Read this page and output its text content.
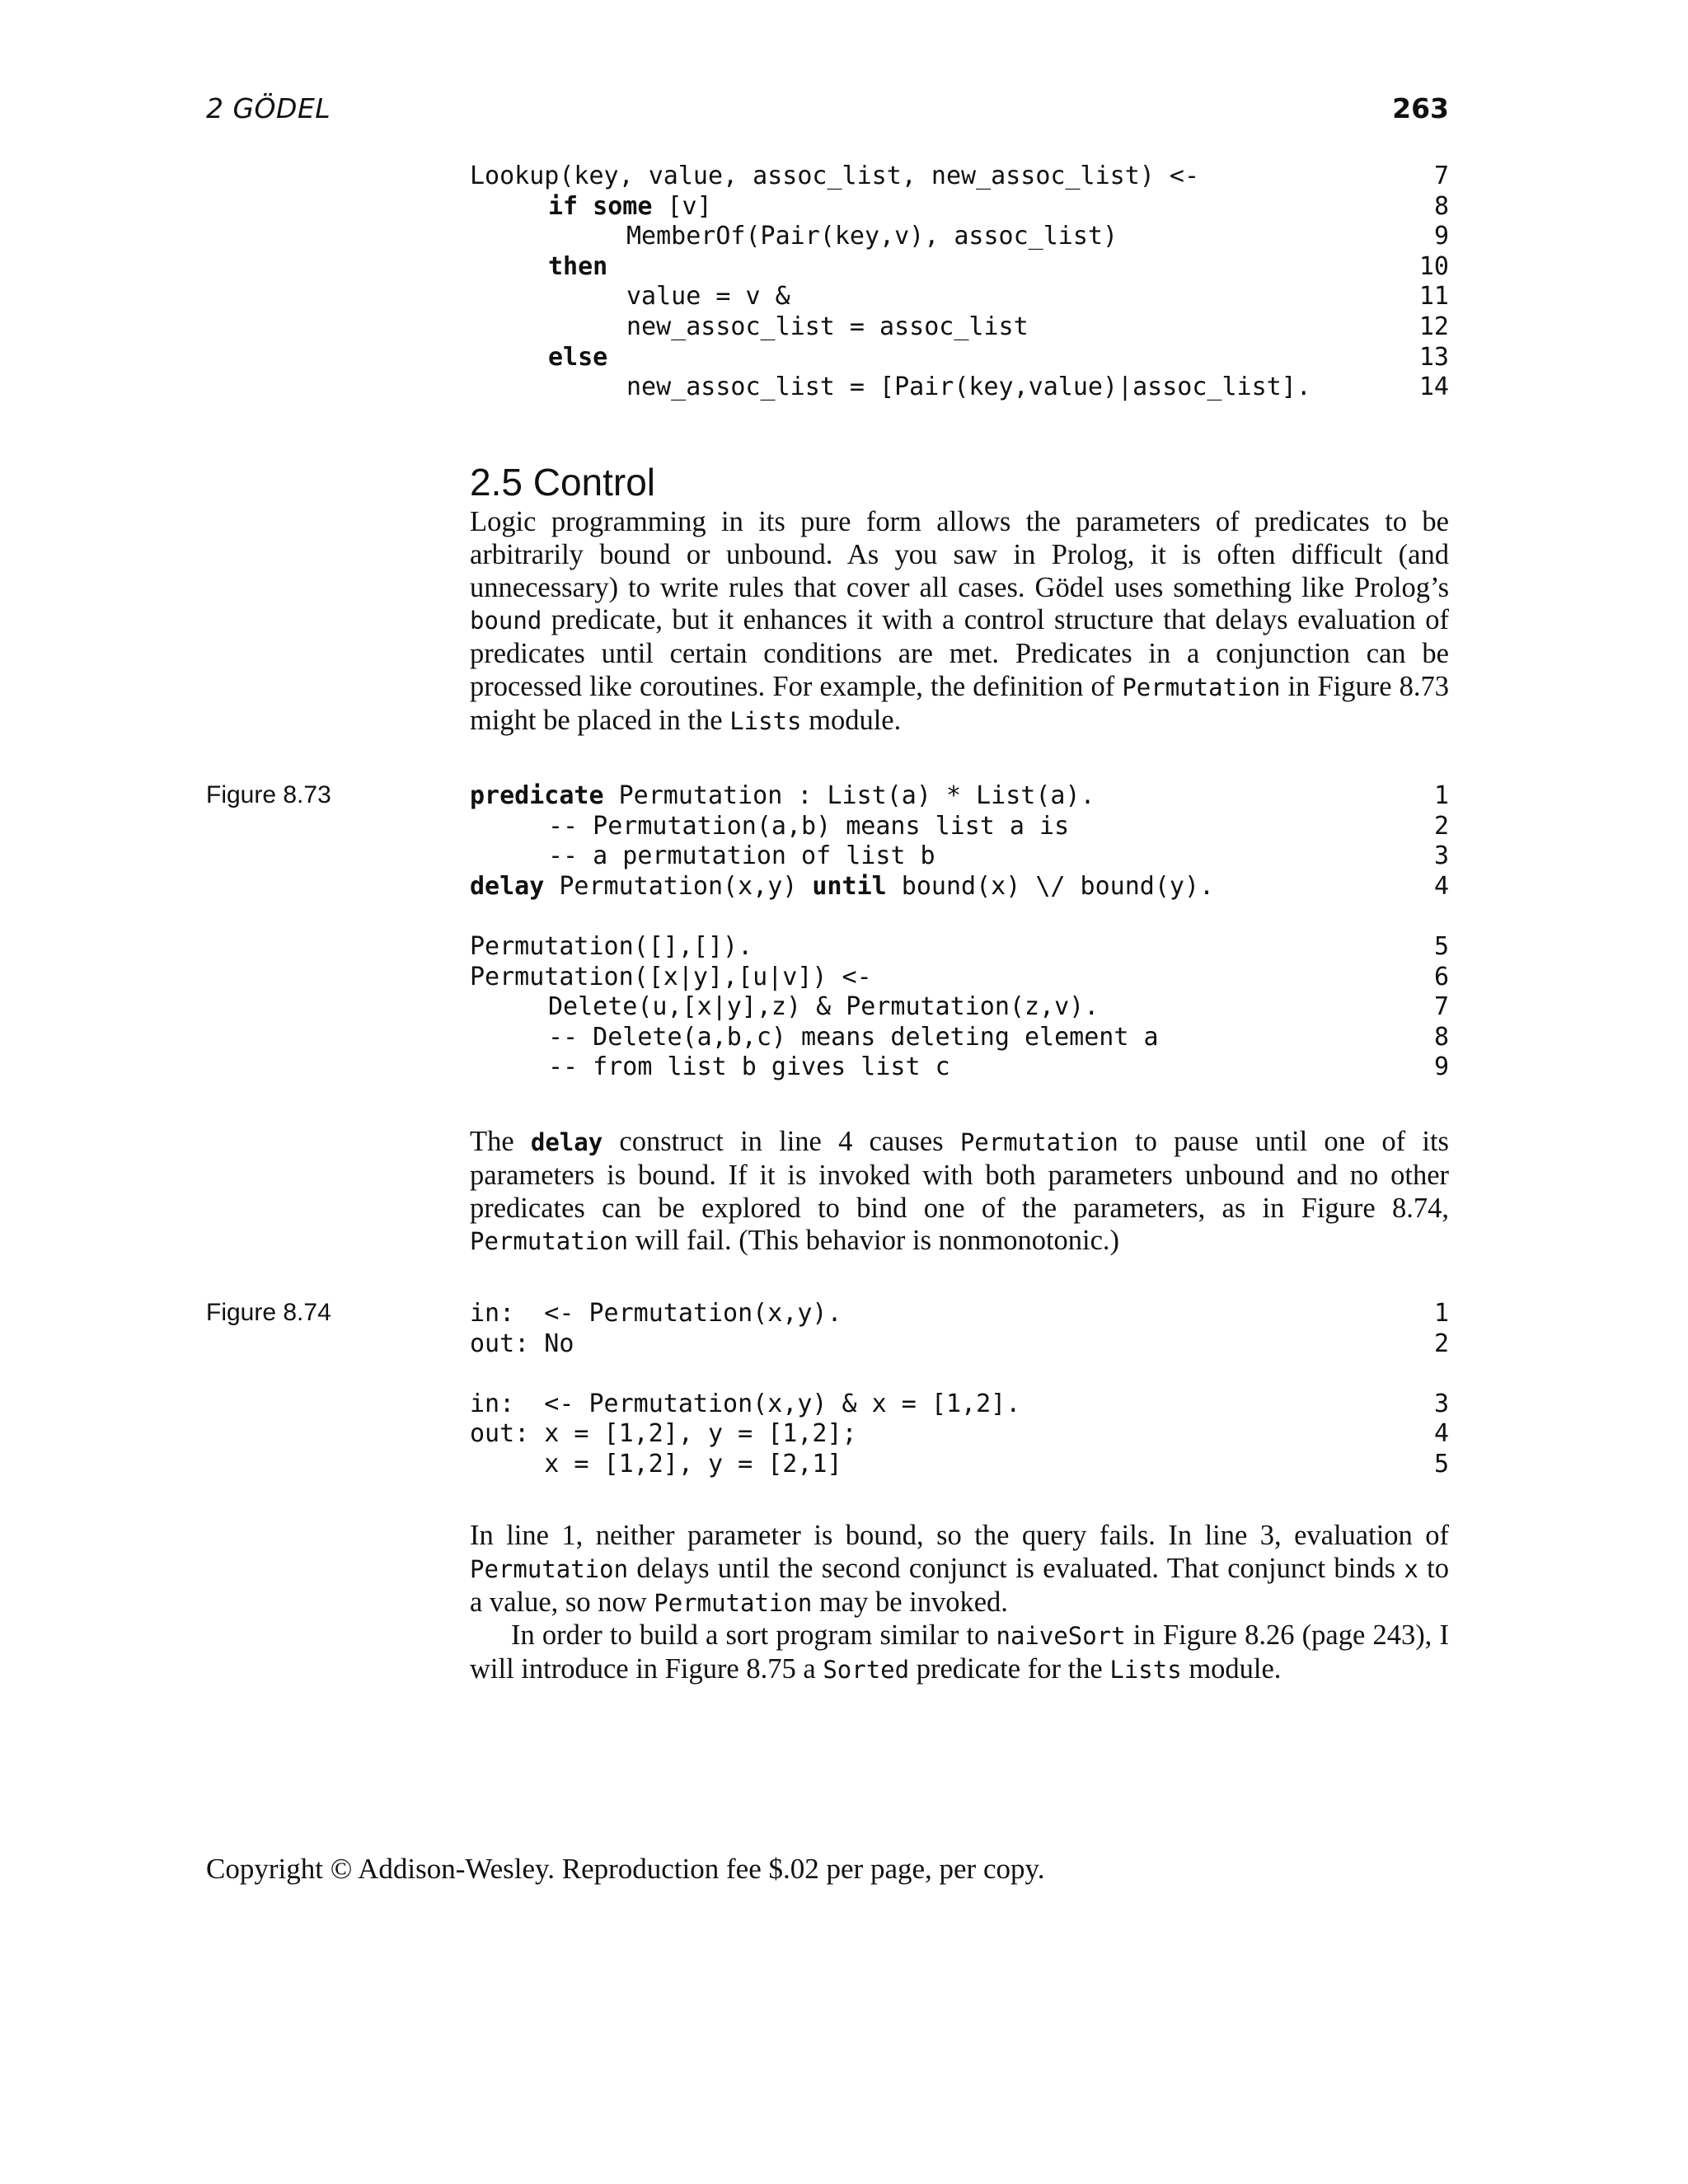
2 GÖDEL	263
Lookup(key, value, assoc_list, new_assoc_list) <-	7
if some [v]	8
MemberOf(Pair(key,v), assoc_list)	9
then	10
value = v &	11
new_assoc_list = assoc_list	12
else	13
new_assoc_list = [Pair(key,value)|assoc_list].	14
2.5 Control

Logic programming in its pure form allows the parameters of predicates to be arbitrarily bound or unbound. As you saw in Prolog, it is often difficult (and unnecessary) to write rules that cover all cases. Gödel uses something like Prolog’s bound predicate, but it enhances it with a control structure that delays evaluation of predicates until certain conditions are met. Predicates in a conjunction can be processed like coroutines. For example, the definition of Permutation in Figure 8.73 might be placed in the Lists module.

Figure 8.73	predicate Permutation : List(a) * List(a).	1
-- Permutation(a,b) means list a is	2
-- a permutation of list b	3
delay Permutation(x,y) until bound(x) \/ bound(y).	4
Permutation([],[]).	5
Permutation([x|y],[u|v]) <-	6
Delete(u,[x|y],z) & Permutation(z,v).	7
-- Delete(a,b,c) means deleting element a	8
-- from list b gives list c	9

The delay construct in line 4 causes Permutation to pause until one of its parameters is bound. If it is invoked with both parameters unbound and no other predicates can be explored to bind one of the parameters, as in Figure 8.74, Permutation will fail. (This behavior is nonmonotonic.)

Figure 8.74	in:  <- Permutation(x,y).	1
out: No	2
in:  <- Permutation(x,y) & x = [1,2].	3
out: x = [1,2], y = [1,2];	4
x = [1,2], y = [2,1]	5

In line 1, neither parameter is bound, so the query fails. In line 3, evaluation of Permutation delays until the second conjunct is evaluated. That conjunct binds x to a value, so now Permutation may be invoked.

In order to build a sort program similar to naiveSort in Figure 8.26 (page 243), I will introduce in Figure 8.75 a Sorted predicate for the Lists module.

Copyright © Addison-Wesley. Reproduction fee $.02 per page, per copy.
